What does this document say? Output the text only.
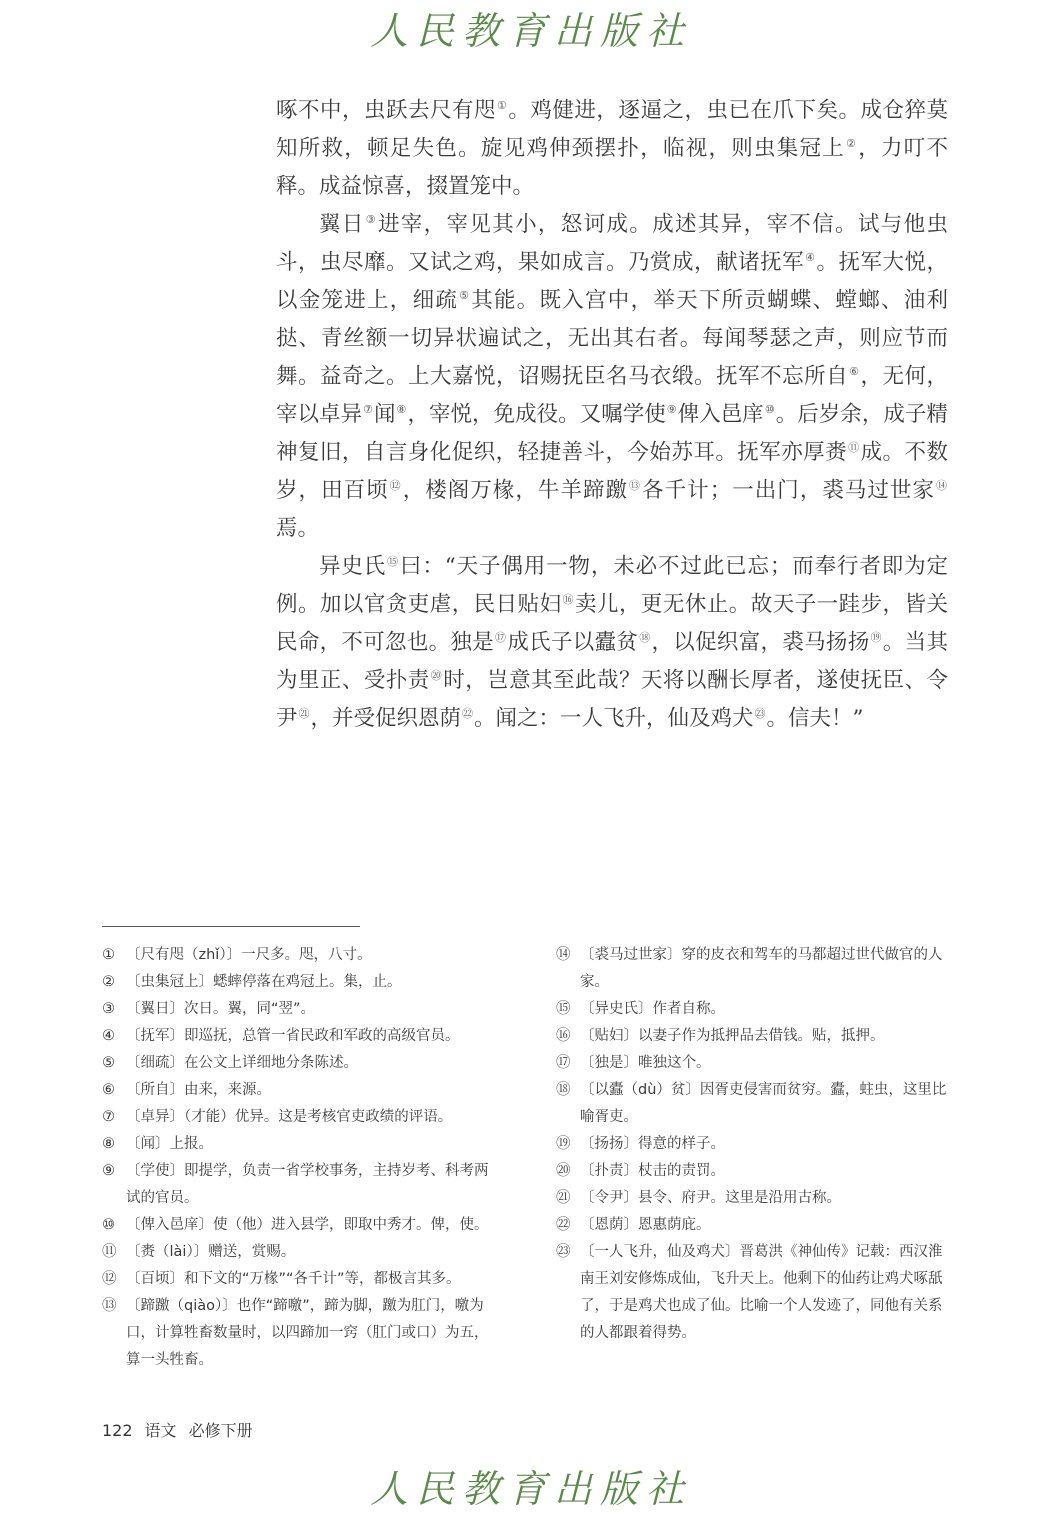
人民教育出版社

啄不中，虫跃去尺有咫①。鸡健进，逐逼之，虫已在爪下矣。成仓猝莫知所救，顿足失色。旋见鸡伸颈摆扑，临视，则虫集冠上②，力叮不释。成益惊喜，掇置笼中。

翼日③进宰，宰见其小，怒诃成。成述其异，宰不信。试与他虫斗，虫尽靡。又试之鸡，果如成言。乃赏成，献诸抚军④。抚军大悦，以金笼进上，细疏⑤其能。既入宫中，举天下所贡蝴蝶、螳螂、油利挞、青丝额一切异状遍试之，无出其右者。每闻琴瑟之声，则应节而舞。益奇之。上大嘉悦，诏赐抚臣名马衣缎。抚军不忘所自⑥，无何，宰以卓异⑦闻⑧，宰悦，免成役。又嘱学使⑨俾入邑庠⑩。后岁余，成子精神复旧，自言身化促织，轻捷善斗，今始苏耳。抚军亦厚赉⑪成。不数岁，田百顷⑫，楼阁万椽，牛羊蹄躈⑬各千计；一出门，裘马过世家⑭焉。

异史氏⑮曰：“天子偶用一物，未必不过此已忘；而奉行者即为定例。加以官贪吏虐，民日贴妇⑯卖儿，更无休止。故天子一跬步，皆关民命，不可忽也。独是⑰成氏子以蠹贫⑱，以促织富，裘马扬扬⑲。当其为里正、受扑责⑳时，岂意其至此哉？天将以酬长厚者，遂使抚臣、令尹$^㉑$，并受促织恩荫$^㉒$。闻之：一人飞升，仙及鸡犬$^㉓$。信夫！”

① 〔尺有咫（zhǐ）〕一尺多。咫，八寸。
② 〔虫集冠上〕蟋蟀停落在鸡冠上。集，止。
③ 〔翼日〕次日。翼，同“翌”。
④ 〔抚军〕即巡抚，总管一省民政和军政的高级官员。
⑤ 〔细疏〕在公文上详细地分条陈述。
⑥ 〔所自〕由来，来源。
⑦ 〔卓异〕（才能）优异。这是考核官吏政绩的评语。
⑧ 〔闻〕上报。
⑨ 〔学使〕即提学，负责一省学校事务，主持岁考、科考两试的官员。
⑩ 〔俾入邑庠〕使（他）进入县学，即取中秀才。俾，使。
⑪ 〔赉（lài）〕赠送，赏赐。
⑫ 〔百顷〕和下文的“万椽”“各千计”等，都极言其多。
⑬ 〔蹄躈（qiào）〕也作“蹄噭”，蹄为脚，躈为肛门，噭为口，计算牲畜数量时，以四蹄加一窍（肛门或口）为五，算一头牲畜。
⑭ 〔裘马过世家〕穿的皮衣和驾车的马都超过世代做官的人家。
⑮ 〔异史氏〕作者自称。
⑯ 〔贴妇〕以妻子作为抵押品去借钱。贴，抵押。
⑰ 〔独是〕唯独这个。
⑱ 〔以蠹（dù）贫〕因胥吏侵害而贫穷。蠹，蛀虫，这里比喻胥吏。
⑲ 〔扬扬〕得意的样子。
⑳ 〔扑责〕杖击的责罚。
㉑ 〔令尹〕县令、府尹。这里是沿用古称。
㉒ 〔恩荫〕恩惠荫庇。
㉓ 〔一人飞升，仙及鸡犬〕晋葛洪《神仙传》记载：西汉淮南王刘安修炼成仙，飞升天上。他剩下的仙药让鸡犬啄舐了，于是鸡犬也成了仙。比喻一个人发迹了，同他有关系的人都跟着得势。
122 语文 必修下册
人民教育出版社
